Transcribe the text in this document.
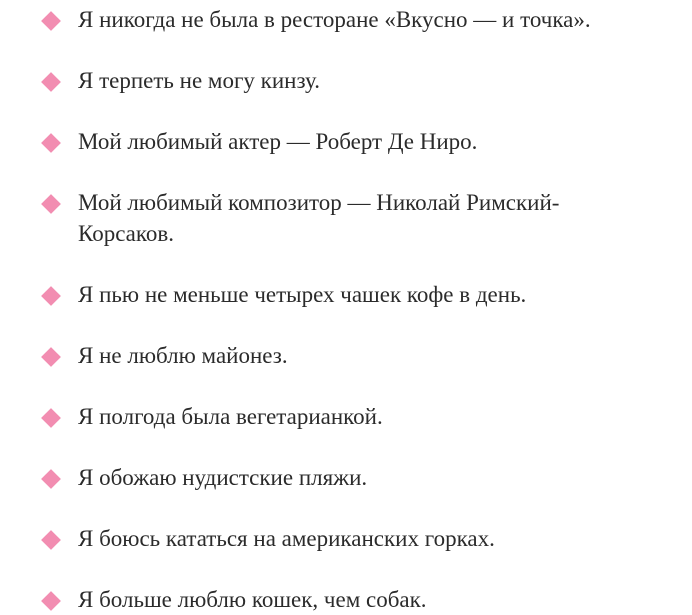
Я никогда не была в ресторане «Вкусно — и точка».
Я терпеть не могу кинзу.
Мой любимый актер — Роберт Де Ниро.
Мой любимый композитор — Николай Римский-Корсаков.
Я пью не меньше четырех чашек кофе в день.
Я не люблю майонез.
Я полгода была вегетарианкой.
Я обожаю нудистские пляжи.
Я боюсь кататься на американских горках.
Я больше люблю кошек, чем собак.
